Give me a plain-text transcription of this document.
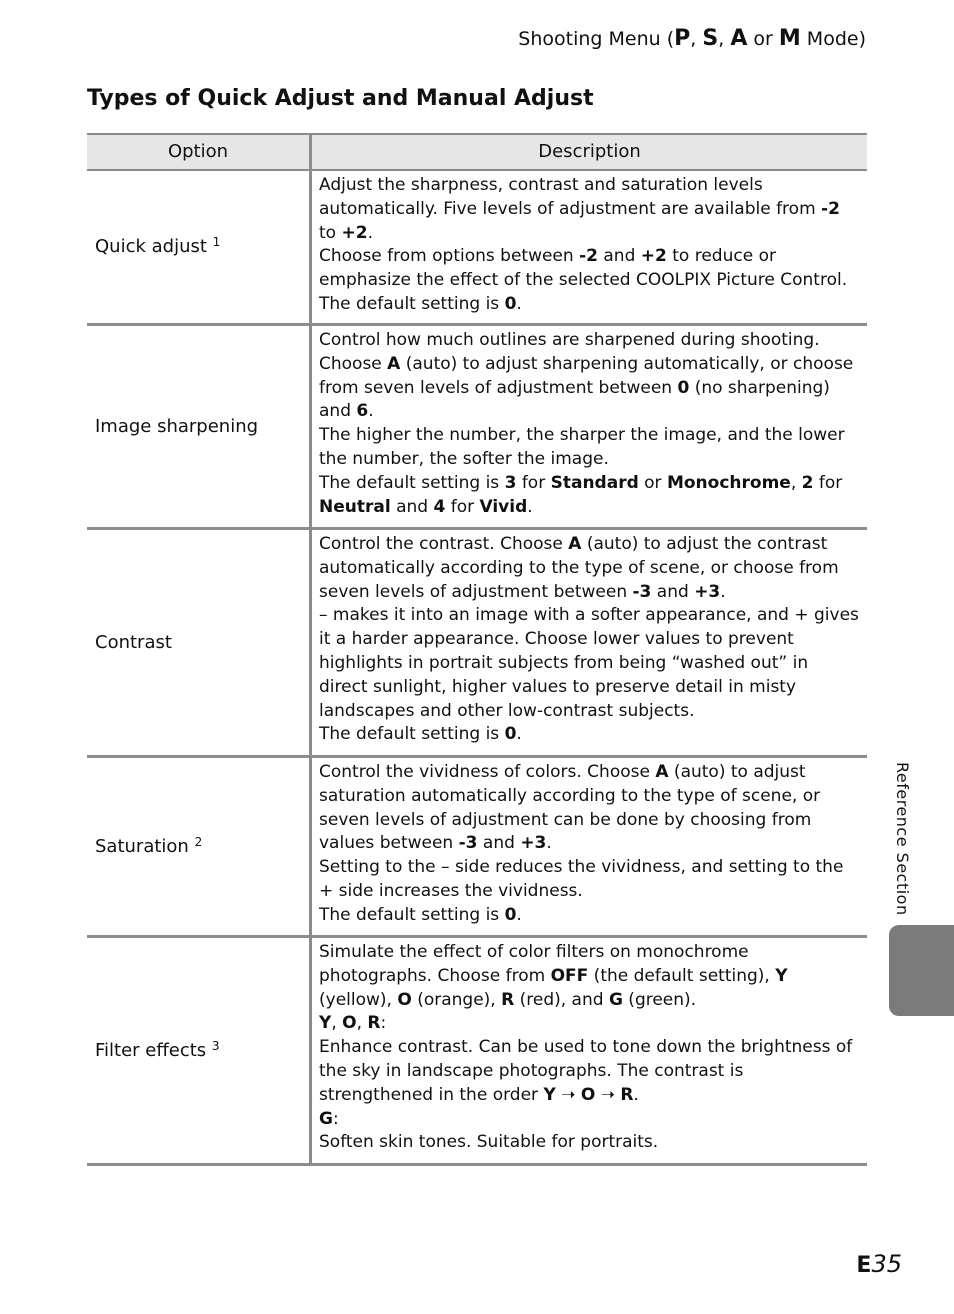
Shooting Menu (P, S, A or M Mode)
Types of Quick Adjust and Manual Adjust
Option	Description
Quick adjust $^1$	Adjust the sharpness, contrast and saturation levels automatically. Five levels of adjustment are available from -2 to +2.
Choose from options between -2 and +2 to reduce or emphasize the effect of the selected COOLPIX Picture Control.
The default setting is 0.
Image sharpening	Control how much outlines are sharpened during shooting.
Choose A (auto) to adjust sharpening automatically, or choose from seven levels of adjustment between 0 (no sharpening) and 6.
The higher the number, the sharper the image, and the lower the number, the softer the image.
The default setting is 3 for Standard or Monochrome, 2 for Neutral and 4 for Vivid.
Contrast	Control the contrast. Choose A (auto) to adjust the contrast automatically according to the type of scene, or choose from seven levels of adjustment between -3 and +3.
– makes it into an image with a softer appearance, and + gives it a harder appearance. Choose lower values to prevent highlights in portrait subjects from being “washed out” in direct sunlight, higher values to preserve detail in misty landscapes and other low-contrast subjects.
The default setting is 0.
Saturation $^2$	Control the vividness of colors. Choose A (auto) to adjust saturation automatically according to the type of scene, or seven levels of adjustment can be done by choosing from values between -3 and +3.
Setting to the – side reduces the vividness, and setting to the + side increases the vividness.
The default setting is 0.
Filter effects $^3$	Simulate the effect of color filters on monochrome photographs. Choose from OFF (the default setting), Y (yellow), O (orange), R (red), and G (green).
Y, O, R:
Enhance contrast. Can be used to tone down the brightness of the sky in landscape photographs. The contrast is strengthened in the order Y ➝ O ➝ R.
G:
Soften skin tones. Suitable for portraits.
Reference Section
E35
